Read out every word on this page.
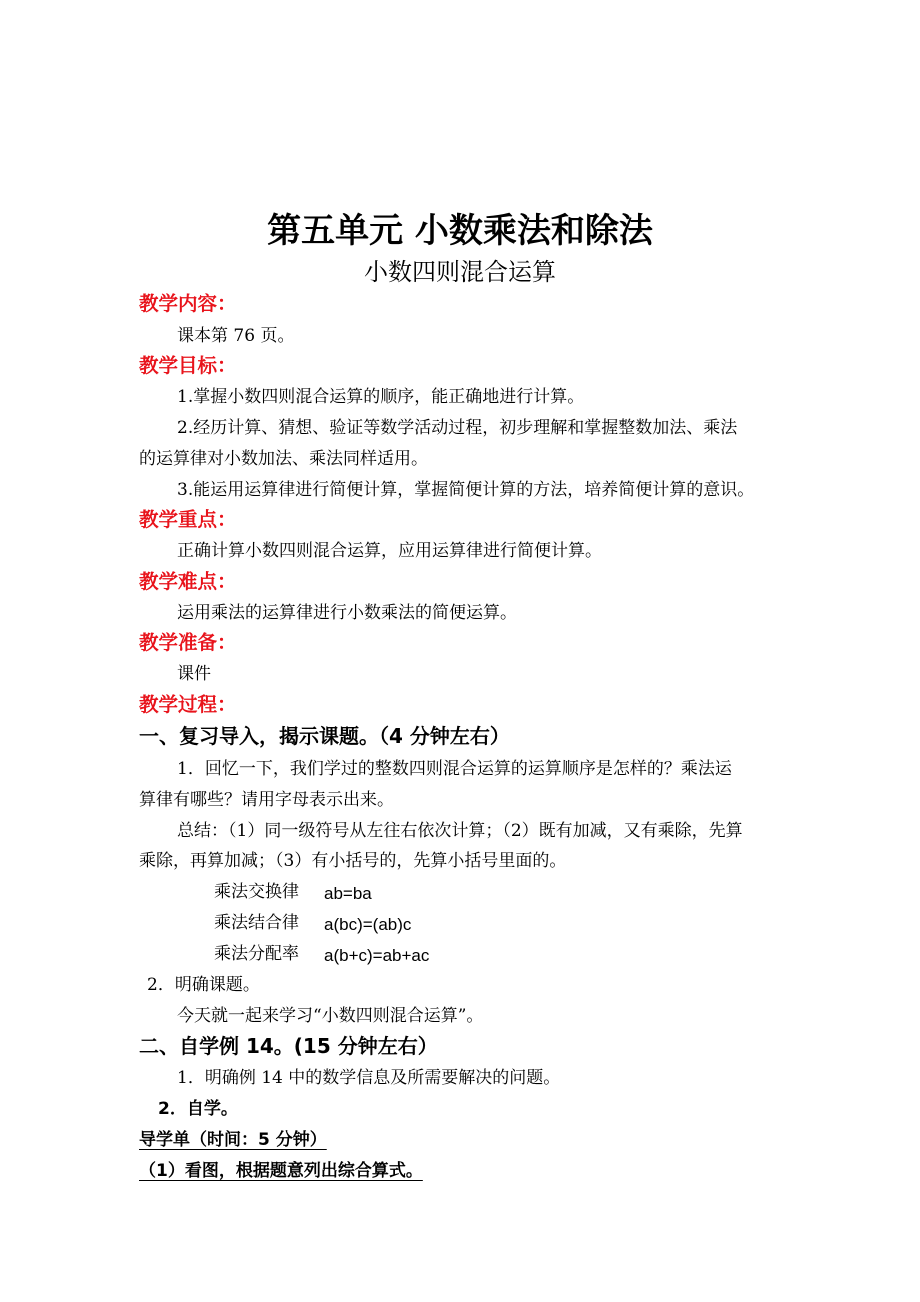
第五单元 小数乘法和除法
小数四则混合运算
教学内容：
课本第 76 页。
教学目标：
1.掌握小数四则混合运算的顺序，能正确地进行计算。
2.经历计算、猜想、验证等数学活动过程，初步理解和掌握整数加法、乘法
的运算律对小数加法、乘法同样适用。
3.能运用运算律进行简便计算，掌握简便计算的方法，培养简便计算的意识。
教学重点：
正确计算小数四则混合运算，应用运算律进行简便计算。
教学难点：
运用乘法的运算律进行小数乘法的简便运算。
教学准备：
课件
教学过程：
一、复习导入，揭示课题。（4 分钟左右）
1．回忆一下，我们学过的整数四则混合运算的运算顺序是怎样的？乘法运
算律有哪些？请用字母表示出来。
总结：（1）同一级符号从左往右依次计算；（2）既有加减，又有乘除，先算
乘除，再算加减；（3）有小括号的，先算小括号里面的。
乘法交换律 ab=ba
乘法结合律 a(bc)=(ab)c
乘法分配率 a(b+c)=ab+ac
2．明确课题。
今天就一起来学习“小数四则混合运算”。
二、自学例 14。(15 分钟左右）
1．明确例 14 中的数学信息及所需要解决的问题。
2．自学。
导学单（时间：5 分钟）
（1）看图，根据题意列出综合算式。
